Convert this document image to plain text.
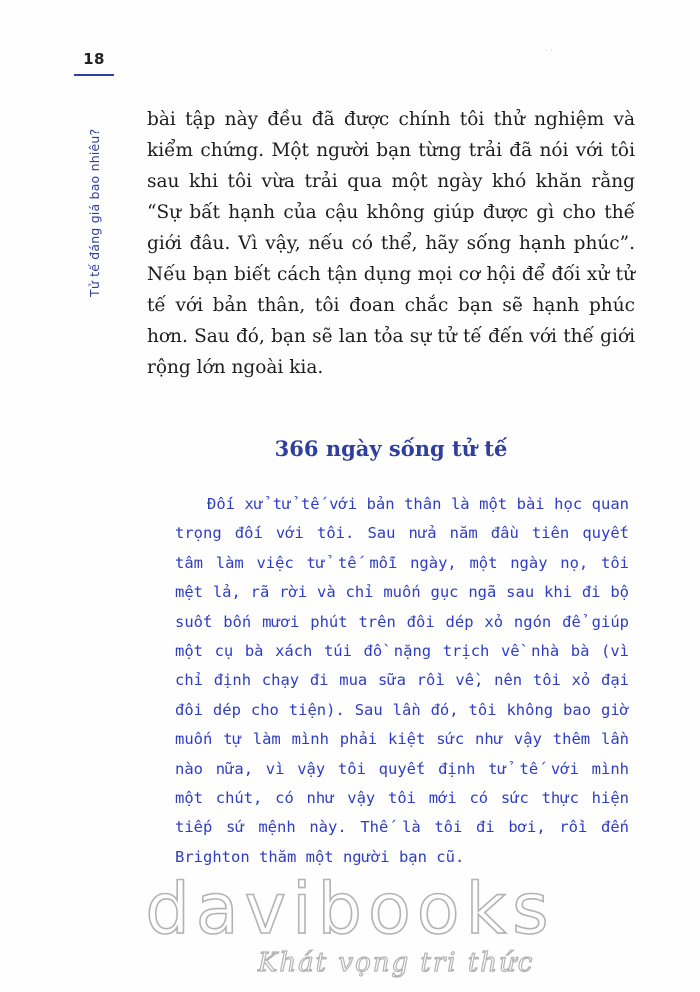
18
Tử tế đáng giá bao nhiêu?
· ·

bài tập này đều đã được chính tôi thử nghiệm và kiểm chứng. Một người bạn từng trải đã nói với tôi sau khi tôi vừa trải qua một ngày khó khăn rằng “Sự bất hạnh của cậu không giúp được gì cho thế giới đâu. Vì vậy, nếu có thể, hãy sống hạnh phúc”. Nếu bạn biết cách tận dụng mọi cơ hội để đối xử tử tế với bản thân, tôi đoan chắc bạn sẽ hạnh phúc hơn. Sau đó, bạn sẽ lan tỏa sự tử tế đến với thế giới rộng lớn ngoài kia.

366 ngày sống tử tế

Đối xử tử tế với bản thân là một bài học quan trọng đối với tôi. Sau nửa năm đầu tiên quyết tâm làm việc tử tế mỗi ngày, một ngày nọ, tôi mệt lả, rã rời và chỉ muốn gục ngã sau khi đi bộ suốt bốn mươi phút trên đôi dép xỏ ngón để giúp một cụ bà xách túi đồ nặng trịch về nhà bà (vì chỉ định chạy đi mua sữa rồi về, nên tôi xỏ đại đôi dép cho tiện). Sau lần đó, tôi không bao giờ muốn tự làm mình phải kiệt sức như vậy thêm lần nào nữa, vì vậy tôi quyết định tử tế với mình một chút, có như vậy tôi mới có sức thực hiện tiếp sứ mệnh này. Thế là tôi đi bơi, rồi đến Brighton thăm một người bạn cũ.

davibooks
Khát vọng tri thức
